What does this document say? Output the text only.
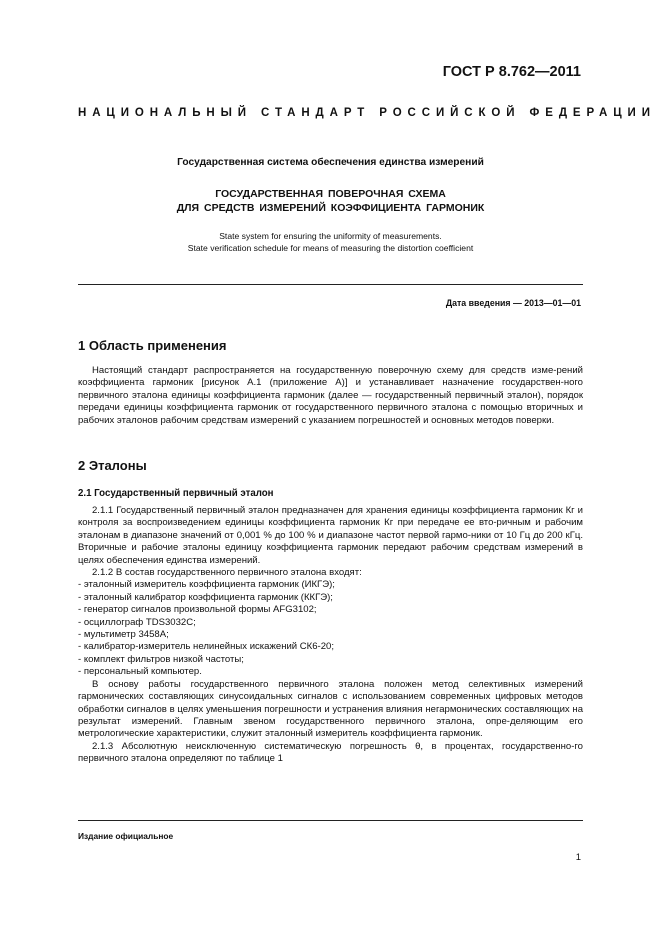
ГОСТ Р 8.762—2011
НАЦИОНАЛЬНЫЙ СТАНДАРТ РОССИЙСКОЙ ФЕДЕРАЦИИ
Государственная система обеспечения единства измерений
ГОСУДАРСТВЕННАЯ ПОВЕРОЧНАЯ СХЕМА
ДЛЯ СРЕДСТВ ИЗМЕРЕНИЙ КОЭФФИЦИЕНТА ГАРМОНИК
State system for ensuring the uniformity of measurements.
State verification schedule for means of measuring the distortion coefficient
Дата введения — 2013—01—01
1 Область применения

Настоящий стандарт распространяется на государственную поверочную схему для средств изме-рений коэффициента гармоник [рисунок А.1 (приложение А)] и устанавливает назначение государствен-ного первичного эталона единицы коэффициента гармоник (далее — государственный первичный эталон), порядок передачи единицы коэффициента гармоник от государственного первичного эталона с помощью вторичных и рабочих эталонов рабочим средствам измерений с указанием погрешностей и основных методов поверки.

2 Эталоны
2.1 Государственный первичный эталон

2.1.1 Государственный первичный эталон предназначен для хранения единицы коэффициента гармоник Кг и контроля за воспроизведением единицы коэффициента гармоник Кг при передаче ее вто-ричным и рабочим эталонам в диапазоне значений от 0,001 % до 100 % и диапазоне частот первой гармо-ники от 10 Гц до 200 кГц. Вторичные и рабочие эталоны единицу коэффициента гармоник передают рабочим средствам измерений в целях обеспечения единства измерений.

2.1.2 В состав государственного первичного эталона входят:

- эталонный измеритель коэффициента гармоник (ИКГЭ);
- эталонный калибратор коэффициента гармоник (ККГЭ);
- генератор сигналов произвольной формы AFG3102;
- осциллограф TDS3032C;
- мультиметр 3458А;
- калибратор-измеритель нелинейных искажений СК6-20;
- комплект фильтров низкой частоты;
- персональный компьютер.

В основу работы государственного первичного эталона положен метод селективных измерений гармонических составляющих синусоидальных сигналов с использованием современных цифровых методов обработки сигналов в целях уменьшения погрешности и устранения влияния негармонических составляющих на результат измерений. Главным звеном государственного первичного эталона, опре-деляющим его метрологические характеристики, служит эталонный измеритель коэффициента гармоник.

2.1.3 Абсолютную неисключенную систематическую погрешность θ, в процентах, государственно-го первичного эталона определяют по таблице 1

Издание официальное
1
